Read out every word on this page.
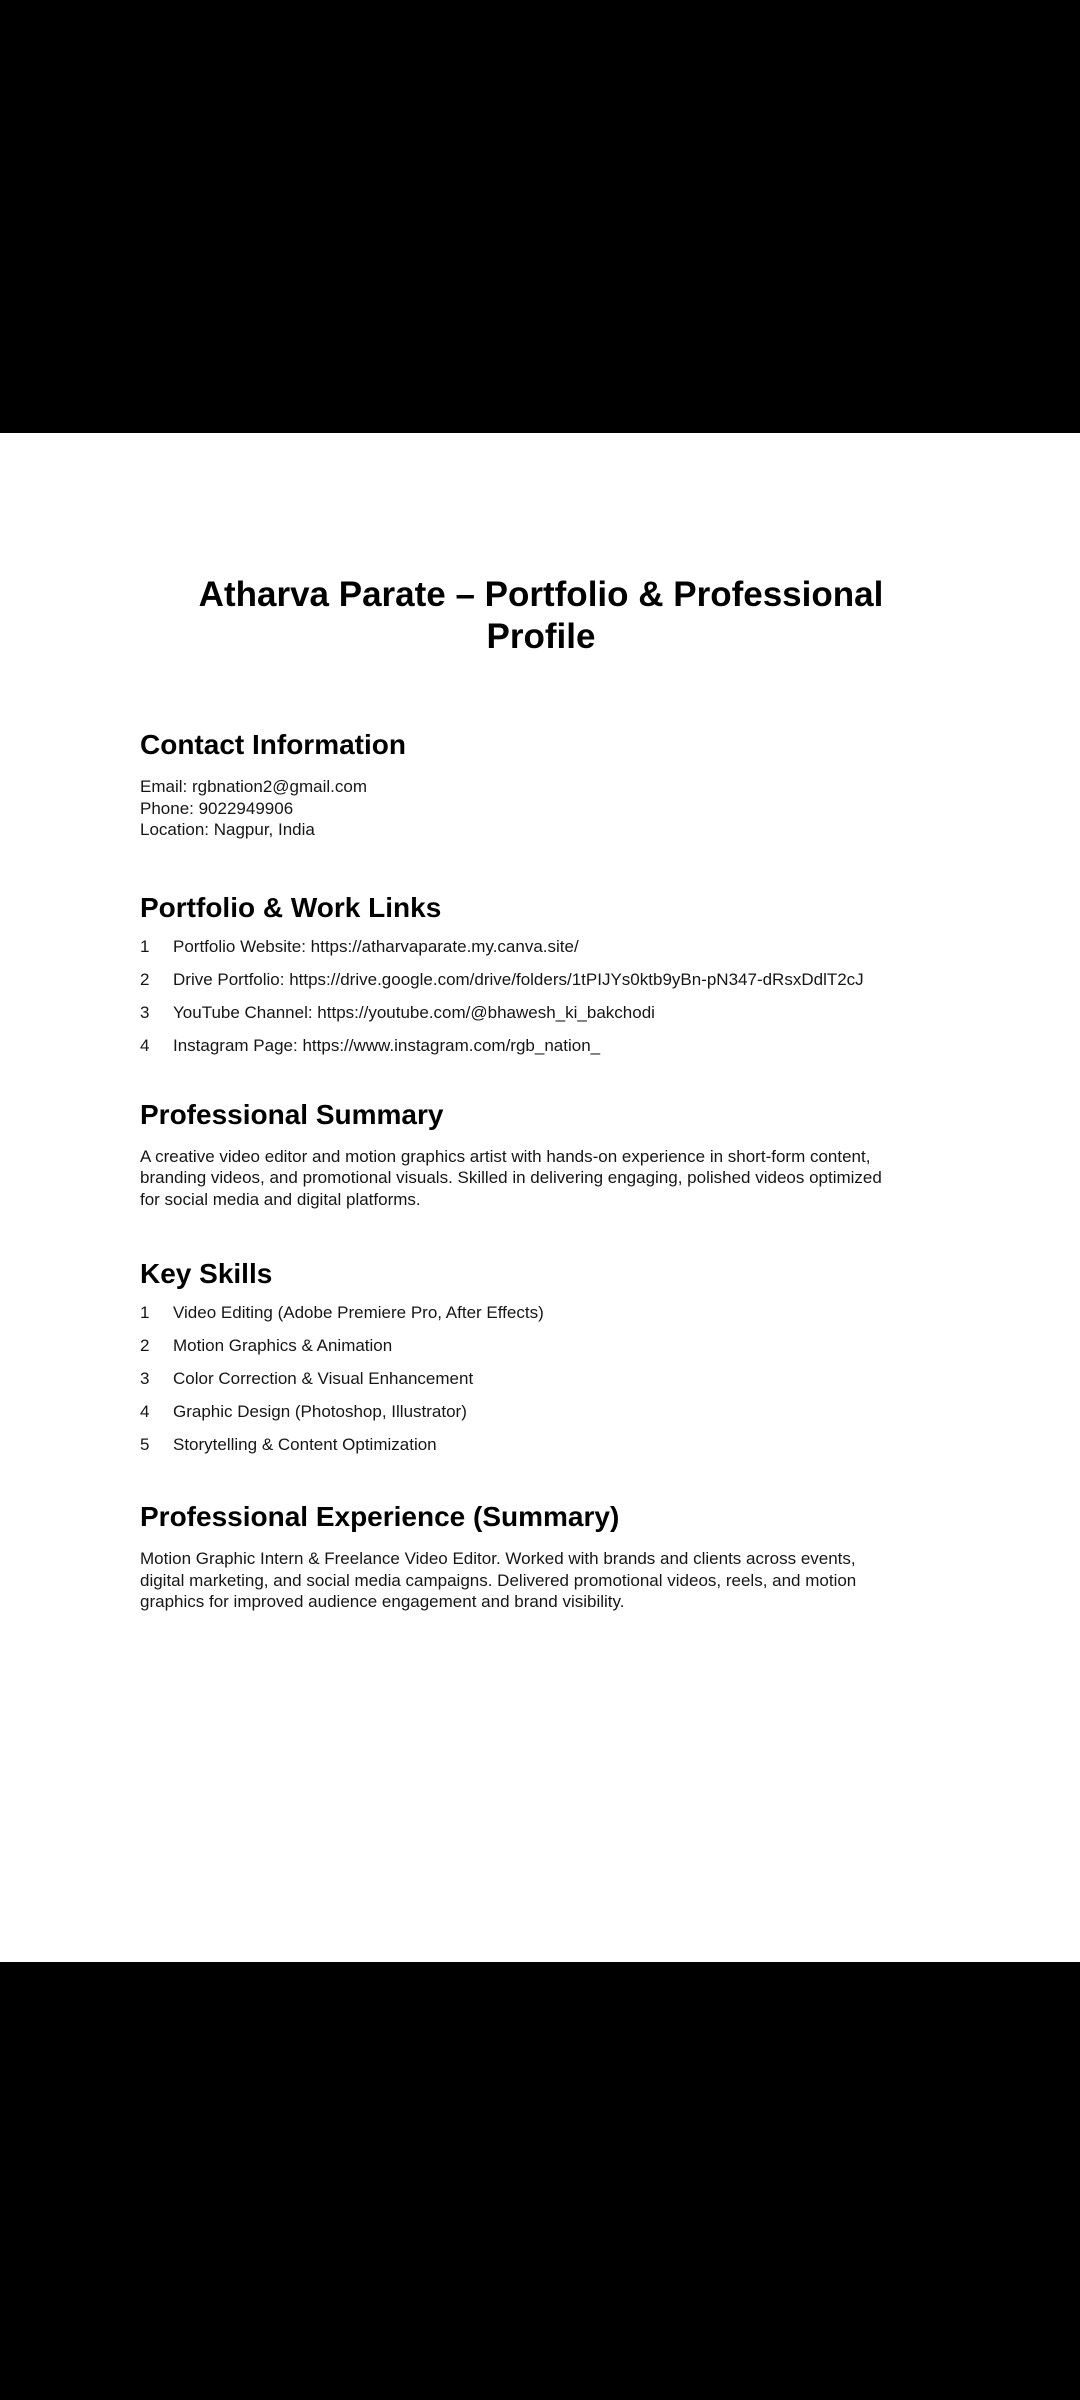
Atharva Parate – Portfolio & Professional Profile
Contact Information
Email: rgbnation2@gmail.com
Phone: 9022949906
Location: Nagpur, India
Portfolio & Work Links
1	Portfolio Website: https://atharvaparate.my.canva.site/
2	Drive Portfolio: https://drive.google.com/drive/folders/1tPIJYs0ktb9yBn-pN347-dRsxDdlT2cJ
3	YouTube Channel: https://youtube.com/@bhawesh_ki_bakchodi
4	Instagram Page: https://www.instagram.com/rgb_nation_
Professional Summary
A creative video editor and motion graphics artist with hands-on experience in short-form content,
branding videos, and promotional visuals. Skilled in delivering engaging, polished videos optimized
for social media and digital platforms.
Key Skills
1	Video Editing (Adobe Premiere Pro, After Effects)
2	Motion Graphics & Animation
3	Color Correction & Visual Enhancement
4	Graphic Design (Photoshop, Illustrator)
5	Storytelling & Content Optimization
Professional Experience (Summary)
Motion Graphic Intern & Freelance Video Editor. Worked with brands and clients across events,
digital marketing, and social media campaigns. Delivered promotional videos, reels, and motion
graphics for improved audience engagement and brand visibility.
